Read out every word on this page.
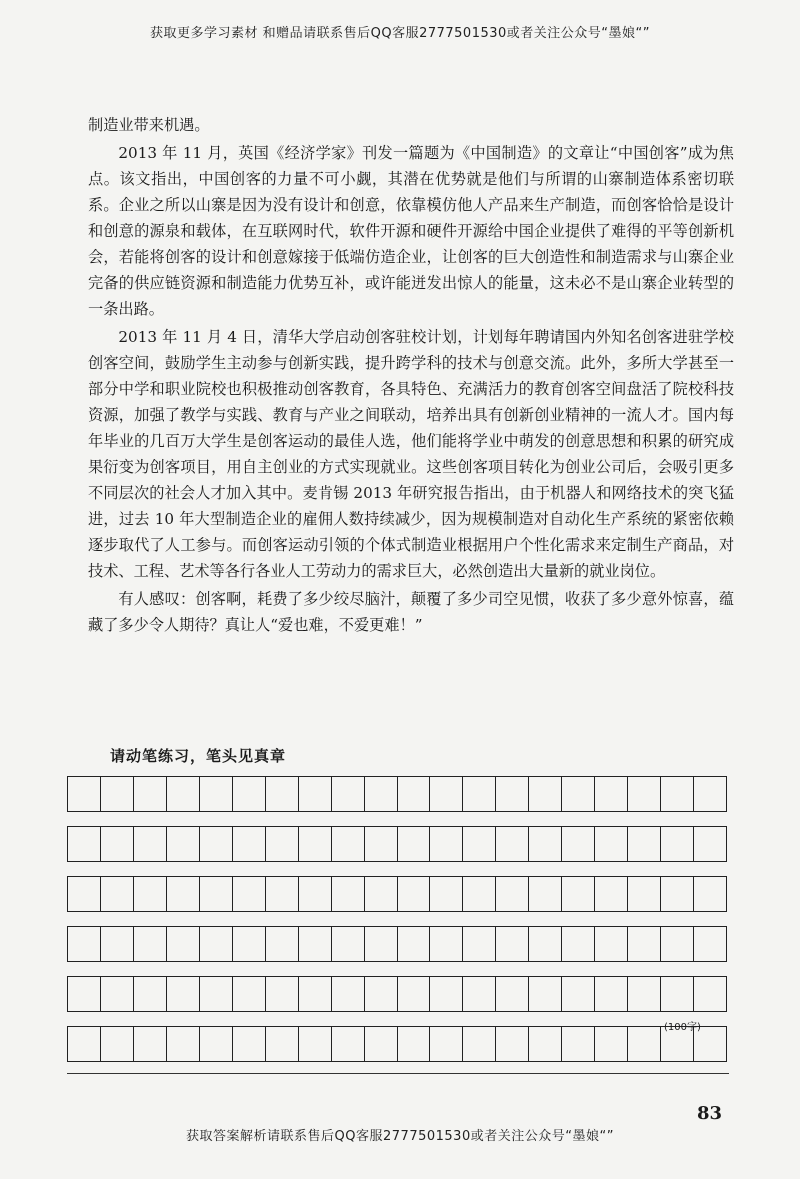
获取更多学习素材 和赠品请联系售后QQ客服2777501530或者关注公众号“墨娘“”

制造业带来机遇。

2013 年 11 月，英国《经济学家》刊发一篇题为《中国制造》的文章让“中国创客”成为焦点。该文指出，中国创客的力量不可小觑，其潜在优势就是他们与所谓的山寨制造体系密切联系。企业之所以山寨是因为没有设计和创意，依靠模仿他人产品来生产制造，而创客恰恰是设计和创意的源泉和载体，在互联网时代，软件开源和硬件开源给中国企业提供了难得的平等创新机会，若能将创客的设计和创意嫁接于低端仿造企业，让创客的巨大创造性和制造需求与山寨企业完备的供应链资源和制造能力优势互补，或许能迸发出惊人的能量，这未必不是山寨企业转型的一条出路。

2013 年 11 月 4 日，清华大学启动创客驻校计划，计划每年聘请国内外知名创客进驻学校创客空间，鼓励学生主动参与创新实践，提升跨学科的技术与创意交流。此外，多所大学甚至一部分中学和职业院校也积极推动创客教育，各具特色、充满活力的教育创客空间盘活了院校科技资源，加强了教学与实践、教育与产业之间联动，培养出具有创新创业精神的一流人才。国内每年毕业的几百万大学生是创客运动的最佳人选，他们能将学业中萌发的创意思想和积累的研究成果衍变为创客项目，用自主创业的方式实现就业。这些创客项目转化为创业公司后，会吸引更多不同层次的社会人才加入其中。麦肯锡 2013 年研究报告指出，由于机器人和网络技术的突飞猛进，过去 10 年大型制造企业的雇佣人数持续减少，因为规模制造对自动化生产系统的紧密依赖逐步取代了人工参与。而创客运动引领的个体式制造业根据用户个性化需求来定制生产商品，对技术、工程、艺术等各行各业人工劳动力的需求巨大，必然创造出大量新的就业岗位。

有人感叹：创客啊，耗费了多少绞尽脑汁，颠覆了多少司空见惯，收获了多少意外惊喜，蕴藏了多少令人期待？真让人“爱也难，不爱更难！”

请动笔练习，笔头见真章
(100字)
83
获取答案解析请联系售后QQ客服2777501530或者关注公众号“墨娘“”
